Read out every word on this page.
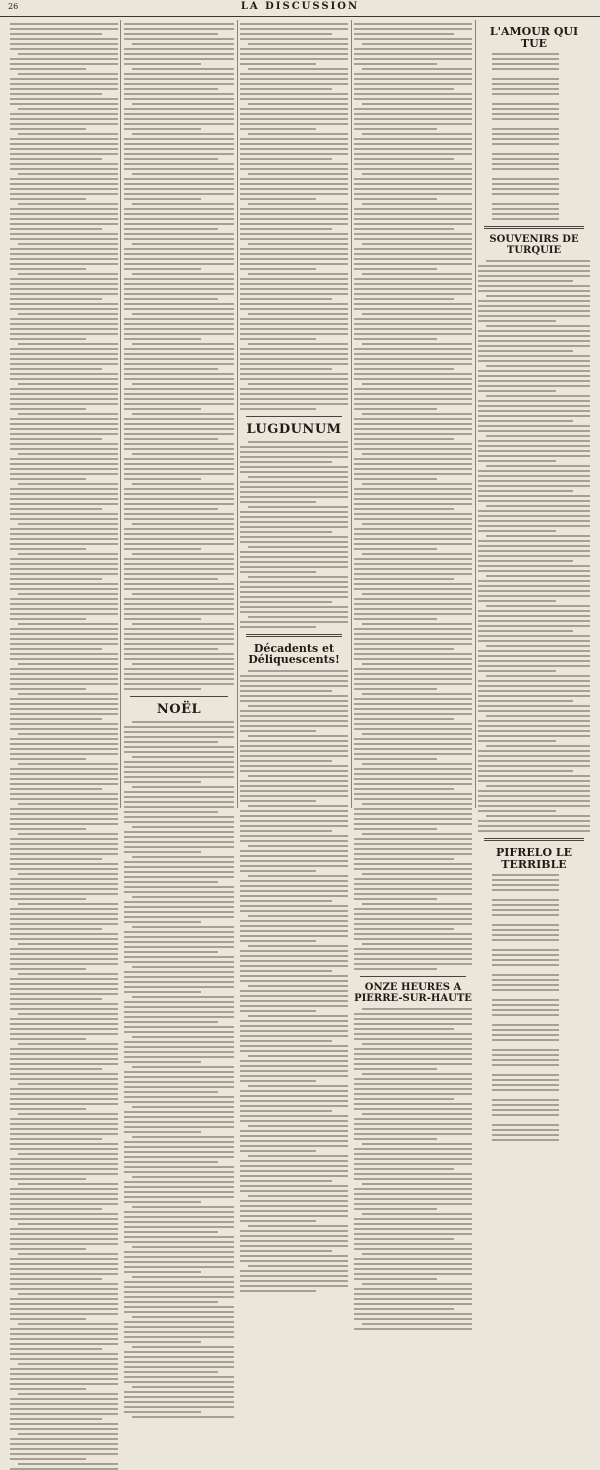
26	LA DISCUSSION
NOËL
LUGDUNUM
Décadents et Déliquescents!
ONZE HEURES A PIERRE-SUR-HAUTE
L'AMOUR QUI TUE
SOUVENIRS DE TURQUIE
PIFRELO LE TERRIBLE
